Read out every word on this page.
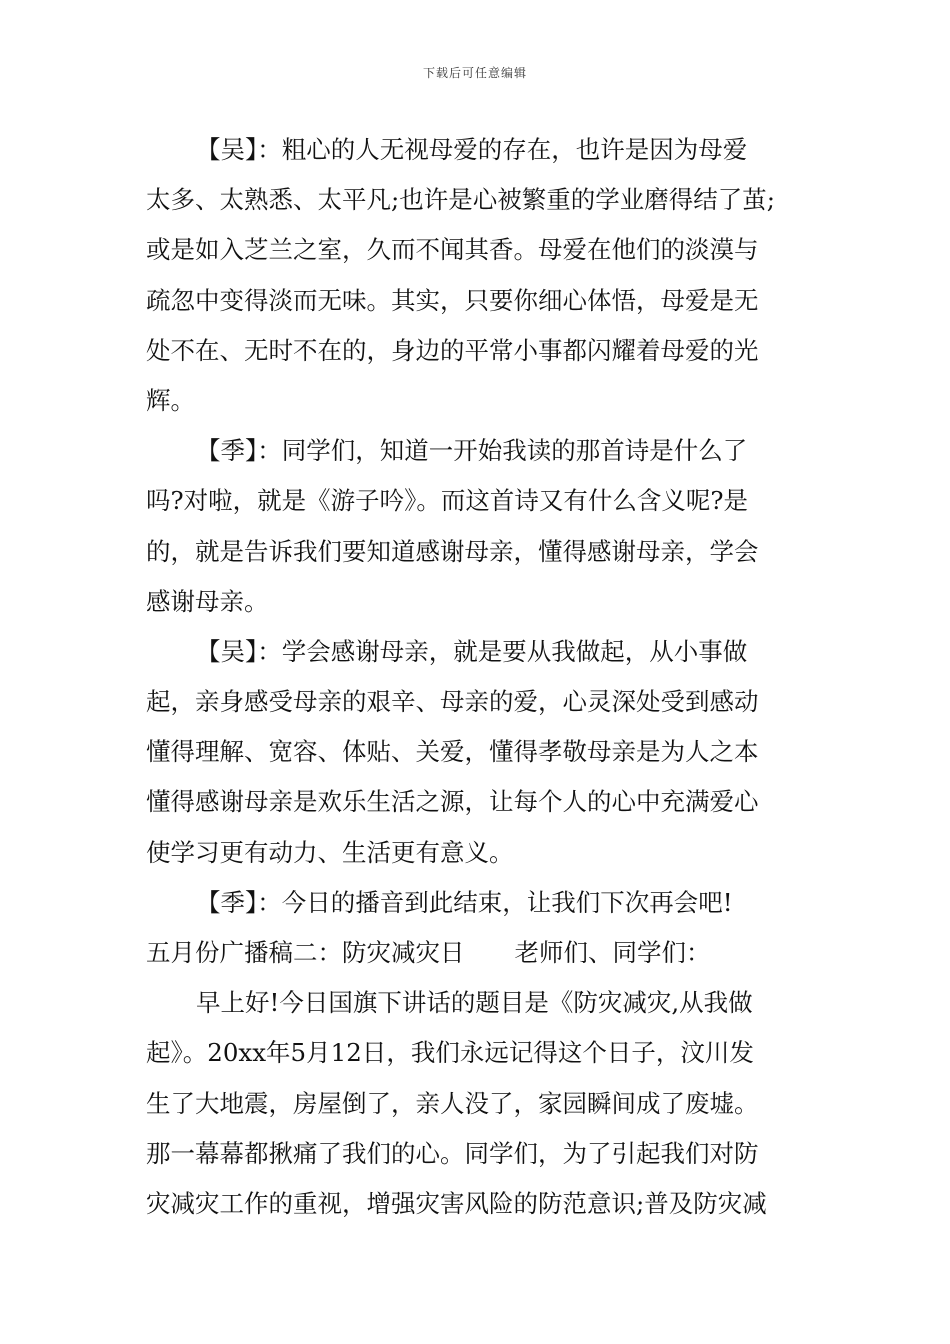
下载后可任意编辑
【吴】：粗心的人无视母爱的存在，也许是因为母爱
太多、太熟悉、太平凡;也许是心被繁重的学业磨得结了茧;
或是如入芝兰之室，久而不闻其香。母爱在他们的淡漠与
疏忽中变得淡而无味。其实，只要你细心体悟，母爱是无
处不在、无时不在的，身边的平常小事都闪耀着母爱的光
辉。
【季】：同学们，知道一开始我读的那首诗是什么了
吗?对啦，就是《游子吟》。而这首诗又有什么含义呢?是
的，就是告诉我们要知道感谢母亲，懂得感谢母亲，学会
感谢母亲。
【吴】：学会感谢母亲，就是要从我做起，从小事做
起，亲身感受母亲的艰辛、母亲的爱，心灵深处受到感动
懂得理解、宽容、体贴、关爱，懂得孝敬母亲是为人之本
懂得感谢母亲是欢乐生活之源，让每个人的心中充满爱心
使学习更有动力、生活更有意义。
【季】：今日的播音到此结束，让我们下次再会吧!
五月份广播稿二：防灾减灾日 老师们、同学们：
早上好!今日国旗下讲话的题目是《防灾减灾,从我做
起》。20xx年5月12日，我们永远记得这个日子，汶川发
生了大地震，房屋倒了，亲人没了，家园瞬间成了废墟。
那一幕幕都揪痛了我们的心。同学们，为了引起我们对防
灾减灾工作的重视，增强灾害风险的防范意识;普及防灾减
